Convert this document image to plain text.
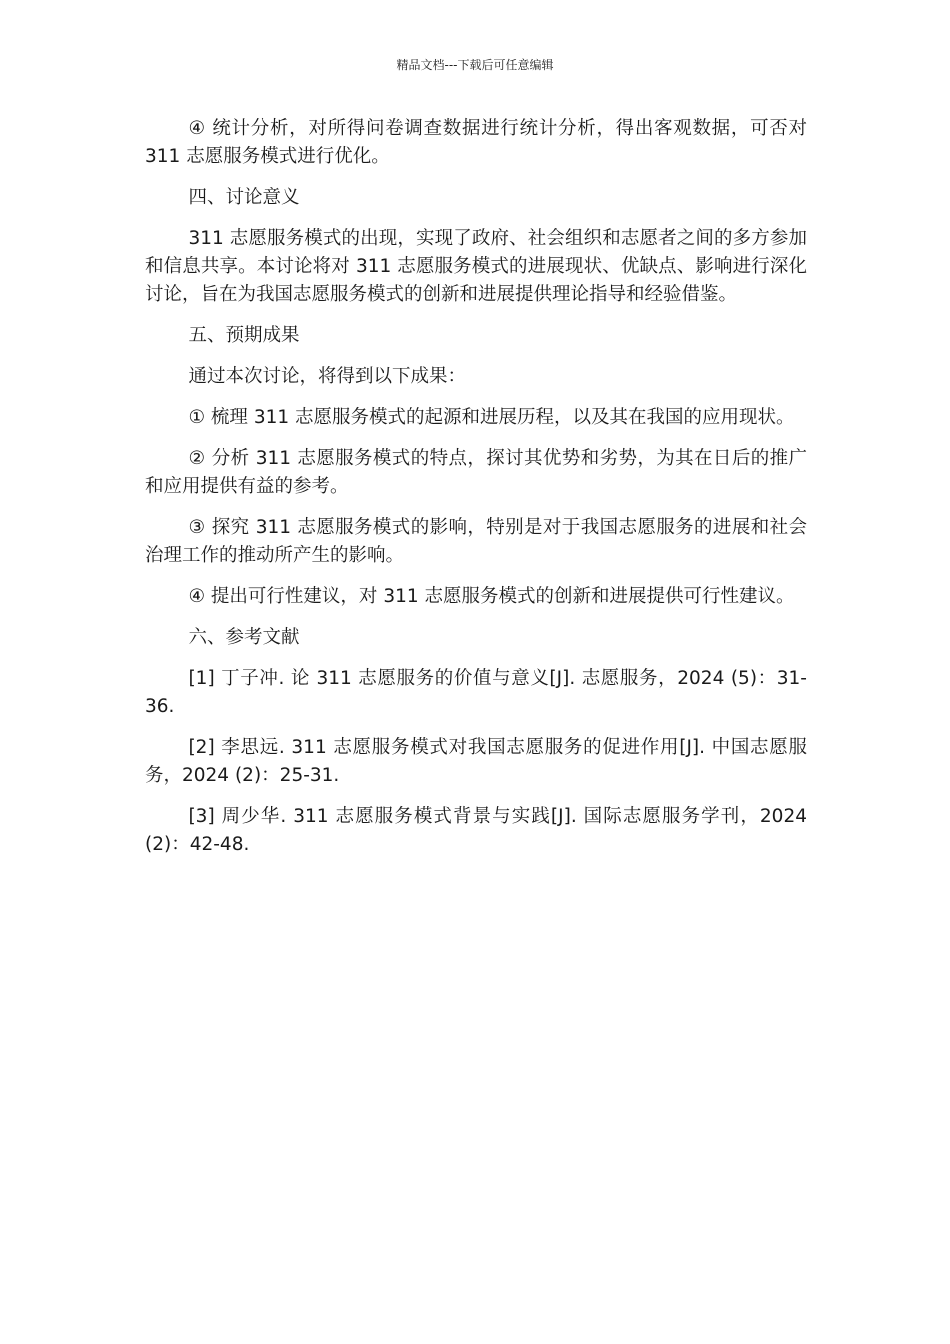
精品文档---下载后可任意编辑

④ 统计分析，对所得问卷调查数据进行统计分析，得出客观数据，可否对 311 志愿服务模式进行优化。

四、讨论意义

311 志愿服务模式的出现，实现了政府、社会组织和志愿者之间的多方参加和信息共享。本讨论将对 311 志愿服务模式的进展现状、优缺点、影响进行深化讨论，旨在为我国志愿服务模式的创新和进展提供理论指导和经验借鉴。

五、预期成果

通过本次讨论，将得到以下成果：

① 梳理 311 志愿服务模式的起源和进展历程，以及其在我国的应用现状。

② 分析 311 志愿服务模式的特点，探讨其优势和劣势，为其在日后的推广和应用提供有益的参考。

③ 探究 311 志愿服务模式的影响，特别是对于我国志愿服务的进展和社会治理工作的推动所产生的影响。

④ 提出可行性建议，对 311 志愿服务模式的创新和进展提供可行性建议。

六、参考文献

[1] 丁子冲. 论 311 志愿服务的价值与意义[J]. 志愿服务，2024 (5)：31-36.

[2] 李思远. 311 志愿服务模式对我国志愿服务的促进作用[J]. 中国志愿服务，2024 (2)：25-31.

[3] 周少华. 311 志愿服务模式背景与实践[J]. 国际志愿服务学刊，2024 (2)：42-48.
